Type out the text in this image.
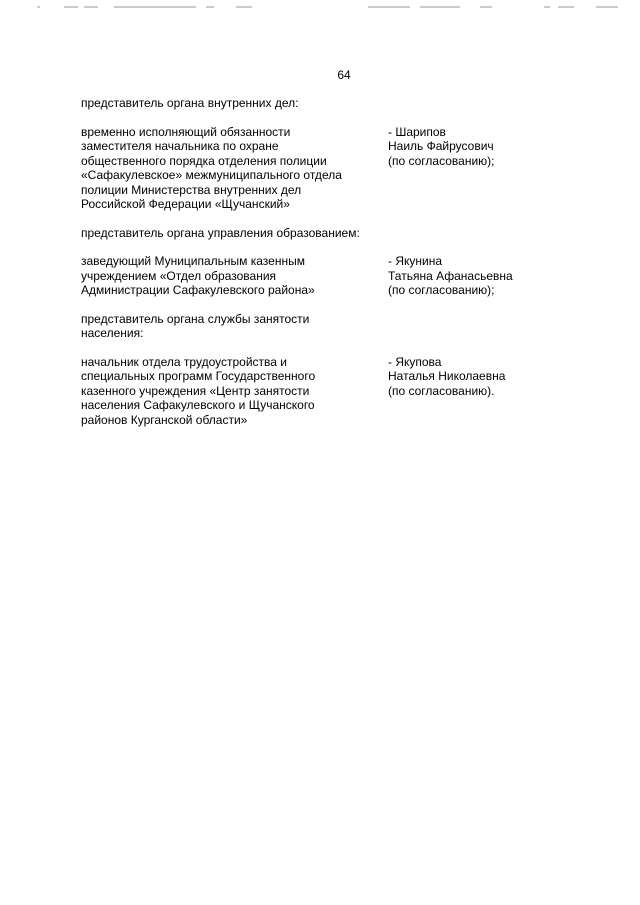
64

представитель органа внутренних дел:

временно исполняющий обязанности
заместителя начальника по охране
общественного порядка отделения полиции
«Сафакулевское» межмуниципального отдела
полиции Министерства внутренних дел
Российской Федерации «Щучанский»
- Шарипов
Наиль Файрусович
(по согласованию);

представитель органа управления образованием:

заведующий Муниципальным казенным
учреждением «Отдел образования
Администрации Сафакулевского района»
- Якунина
Татьяна Афанасьевна
(по согласованию);

представитель органа службы занятости
населения:

начальник отдела трудоустройства и
специальных программ Государственного
казенного учреждения «Центр занятости
населения Сафакулевского и Щучанского
районов Курганской области»
- Якупова
Наталья Николаевна
(по согласованию).
